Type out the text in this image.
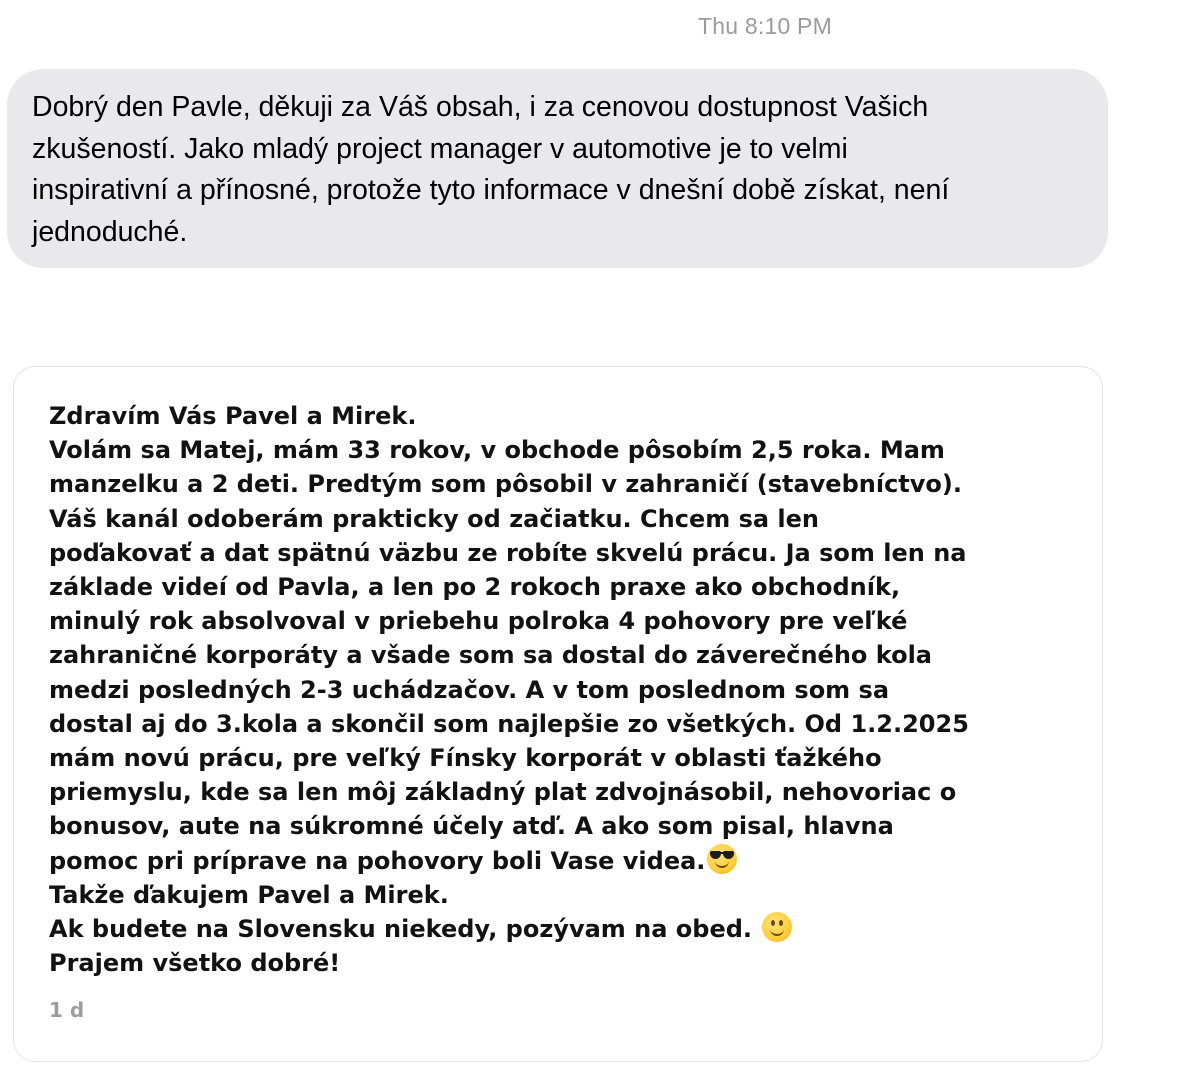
Thu 8:10 PM
Dobrý den Pavle, děkuji za Váš obsah, i za cenovou dostupnost Vašich
zkušeností. Jako mladý project manager v automotive je to velmi
inspirativní a přínosné, protože tyto informace v dnešní době získat, není
jednoduché.
Zdravím Vás Pavel a Mirek.
Volám sa Matej, mám 33 rokov, v obchode pôsobím 2,5 roka. Mam
manzelku a 2 deti. Predtým som pôsobil v zahraničí (stavebníctvo).
Váš kanál odoberám prakticky od začiatku. Chcem sa len
poďakovať a dat spätnú väzbu ze robíte skvelú prácu. Ja som len na
základe videí od Pavla, a len po 2 rokoch praxe ako obchodník,
minulý rok absolvoval v priebehu polroka 4 pohovory pre veľké
zahraničné korporáty a všade som sa dostal do záverečného kola
medzi posledných 2-3 uchádzačov. A v tom poslednom som sa
dostal aj do 3.kola a skončil som najlepšie zo všetkých. Od 1.2.2025
mám novú prácu, pre veľký Fínsky korporát v oblasti ťažkého
priemyslu, kde sa len môj základný plat zdvojnásobil, nehovoriac o
bonusov, aute na súkromné účely atď. A ako som pisal, hlavna
pomoc pri príprave na pohovory boli Vase videa.

Takže ďakujem Pavel a Mirek.
Ak budete na Slovensku niekedy, pozývam na obed.

Prajem všetko dobré!
1 d
